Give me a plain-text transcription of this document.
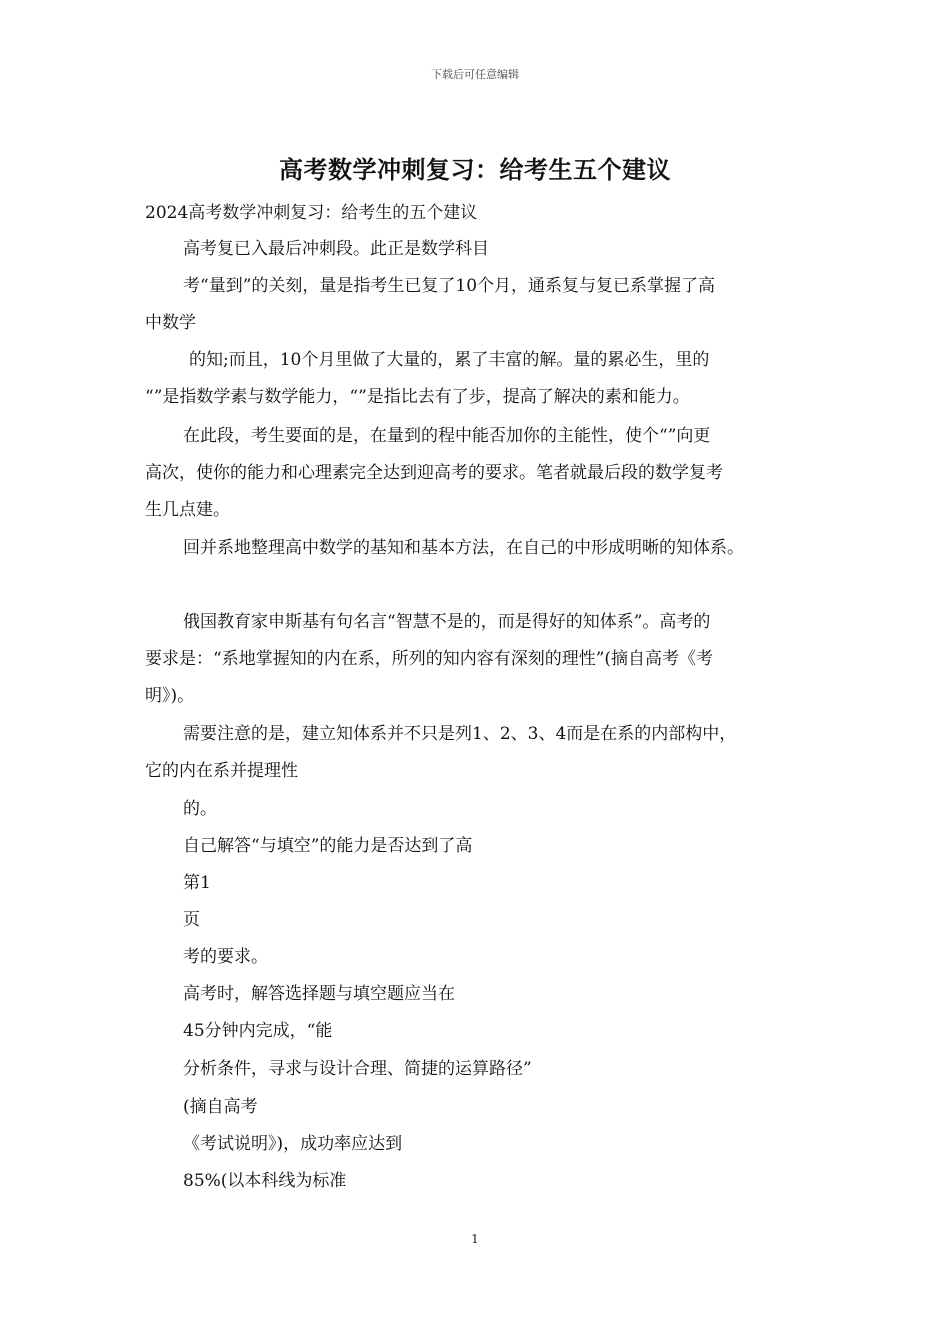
下载后可任意编辑
高考数学冲刺复习：给考生五个建议
2024高考数学冲刺复习：给考生的五个建议
高考复已入最后冲刺段。此正是数学科目
考“量到”的关刻，量是指考生已复了10个月，通系复与复已系掌握了高
中数学
的知;而且，10个月里做了大量的，累了丰富的解。量的累必生，里的
“”是指数学素与数学能力，“”是指比去有了步，提高了解决的素和能力。
在此段，考生要面的是，在量到的程中能否加你的主能性，使个“”向更
高次，使你的能力和心理素完全达到迎高考的要求。笔者就最后段的数学复考
生几点建。
回并系地整理高中数学的基知和基本方法，在自己的中形成明晰的知体系。
俄国教育家申斯基有句名言“智慧不是的，而是得好的知体系”。高考的
要求是：“系地掌握知的内在系，所列的知内容有深刻的理性”(摘自高考《考
明》)。
需要注意的是，建立知体系并不只是列1、2、3、4而是在系的内部构中，
它的内在系并提理性
的。
自己解答“与填空”的能力是否达到了高
第1
页
考的要求。
高考时，解答选择题与填空题应当在
45分钟内完成，“能
分析条件，寻求与设计合理、简捷的运算路径”
(摘自高考
《考试说明》)，成功率应达到
85%(以本科线为标准
1
